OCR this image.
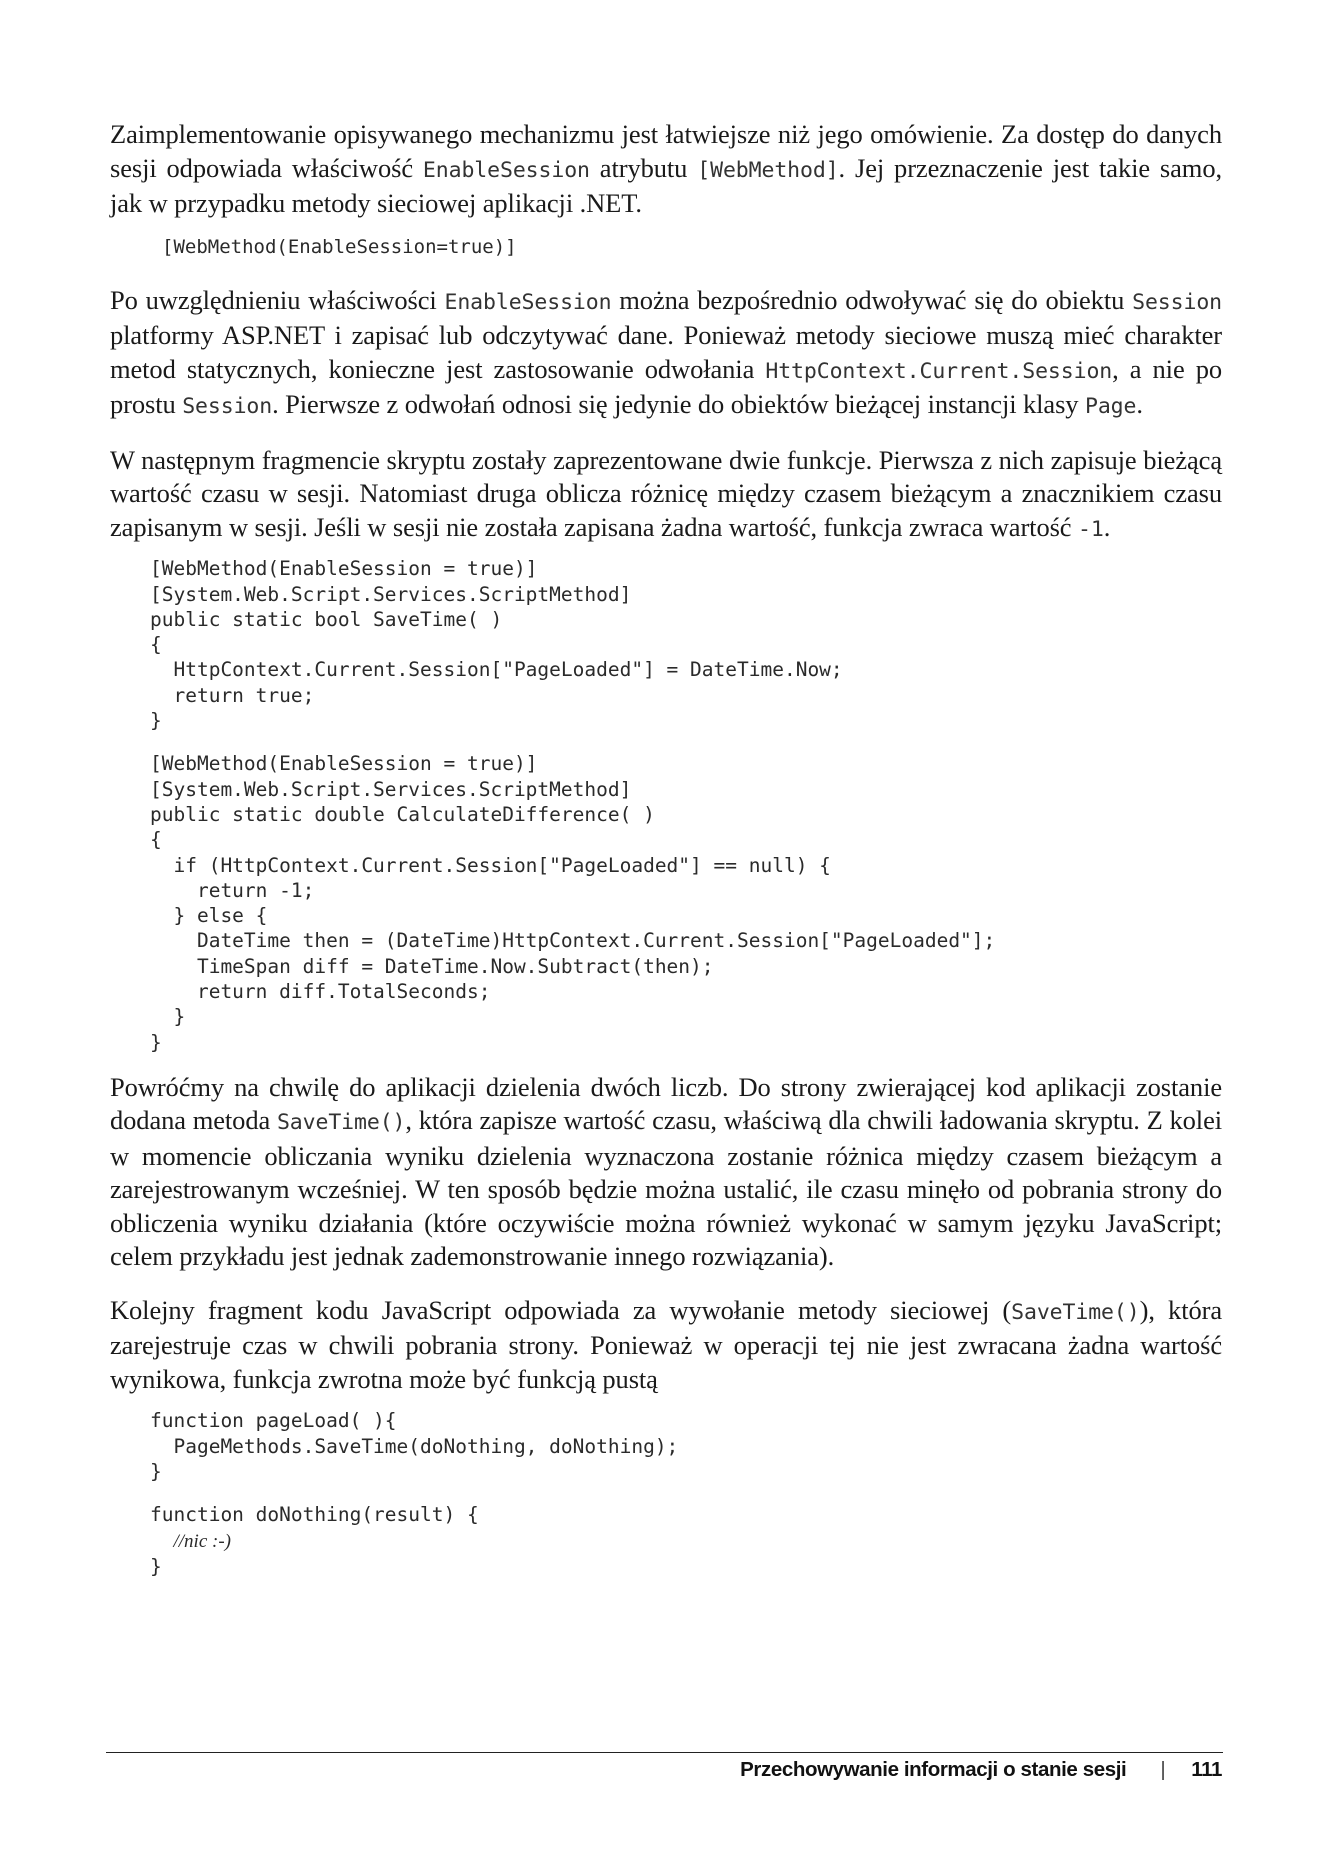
Zaimplementowanie opisywanego mechanizmu jest łatwiejsze niż jego omówienie. Za dostęp do danych sesji odpowiada właściwość EnableSession atrybutu [WebMethod]. Jej przeznaczenie jest takie samo, jak w przypadku metody sieciowej aplikacji .NET.

[WebMethod(EnableSession=true)]

Po uwzględnieniu właściwości EnableSession można bezpośrednio odwoływać się do obiektu Session platformy ASP.NET i zapisać lub odczytywać dane. Ponieważ metody sieciowe muszą mieć charakter metod statycznych, konieczne jest zastosowanie odwołania HttpContext.Current.Session, a nie po prostu Session. Pierwsze z odwołań odnosi się jedynie do obiektów bieżącej instancji klasy Page.

W następnym fragmencie skryptu zostały zaprezentowane dwie funkcje. Pierwsza z nich zapisuje bieżącą wartość czasu w sesji. Natomiast druga oblicza różnicę między czasem bieżącym a znacznikiem czasu zapisanym w sesji. Jeśli w sesji nie została zapisana żadna wartość, funkcja zwraca wartość -1.

[WebMethod(EnableSession = true)]
[System.Web.Script.Services.ScriptMethod]
public static bool SaveTime( )
{
HttpContext.Current.Session["PageLoaded"] = DateTime.Now;
return true;
}
[WebMethod(EnableSession = true)]
[System.Web.Script.Services.ScriptMethod]
public static double CalculateDifference( )
{
if (HttpContext.Current.Session["PageLoaded"] == null) {
return -1;
} else {
DateTime then = (DateTime)HttpContext.Current.Session["PageLoaded"];
TimeSpan diff = DateTime.Now.Subtract(then);
return diff.TotalSeconds;
}
}

Powróćmy na chwilę do aplikacji dzielenia dwóch liczb. Do strony zwierającej kod aplikacji zostanie dodana metoda SaveTime(), która zapisze wartość czasu, właściwą dla chwili ładowania skryptu. Z kolei w momencie obliczania wyniku dzielenia wyznaczona zostanie różnica między czasem bieżącym a zarejestrowanym wcześniej. W ten sposób będzie można ustalić, ile czasu minęło od pobrania strony do obliczenia wyniku działania (które oczywiście można również wykonać w samym języku JavaScript; celem przykładu jest jednak zademonstrowanie innego rozwiązania).

Kolejny fragment kodu JavaScript odpowiada za wywołanie metody sieciowej (SaveTime()), która zarejestruje czas w chwili pobrania strony. Ponieważ w operacji tej nie jest zwracana żadna wartość wynikowa, funkcja zwrotna może być funkcją pustą

function pageLoad( ){
PageMethods.SaveTime(doNothing, doNothing);
}
function doNothing(result) {
//nic :-)
}
Przechowywanie informacji o stanie sesji | 111
